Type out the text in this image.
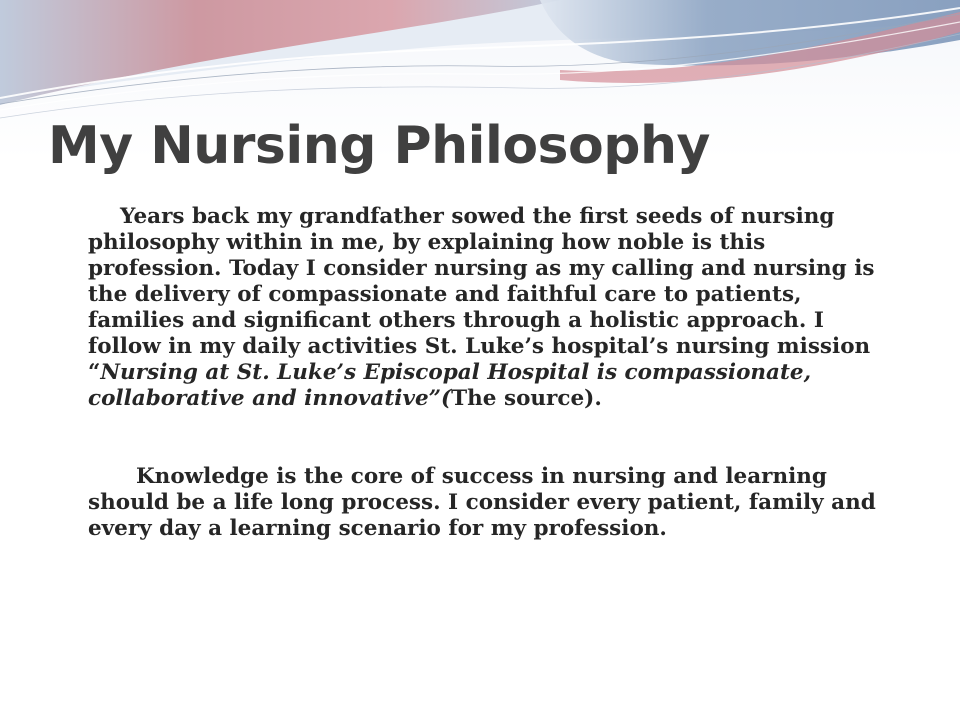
My Nursing Philosophy

Years back my grandfather sowed the first seeds of nursing philosophy within in me, by explaining how noble is this profession. Today I consider nursing as my calling and nursing is the delivery of compassionate and faithful care to patients, families and significant others through a holistic approach. I follow in my daily activities St. Luke’s hospital’s nursing mission “Nursing at St. Luke’s Episcopal Hospital is compassionate, collaborative and innovative”(The source).

Knowledge is the core of success in nursing and learning should be a life long process. I consider every patient, family and every day a learning scenario for my profession.
